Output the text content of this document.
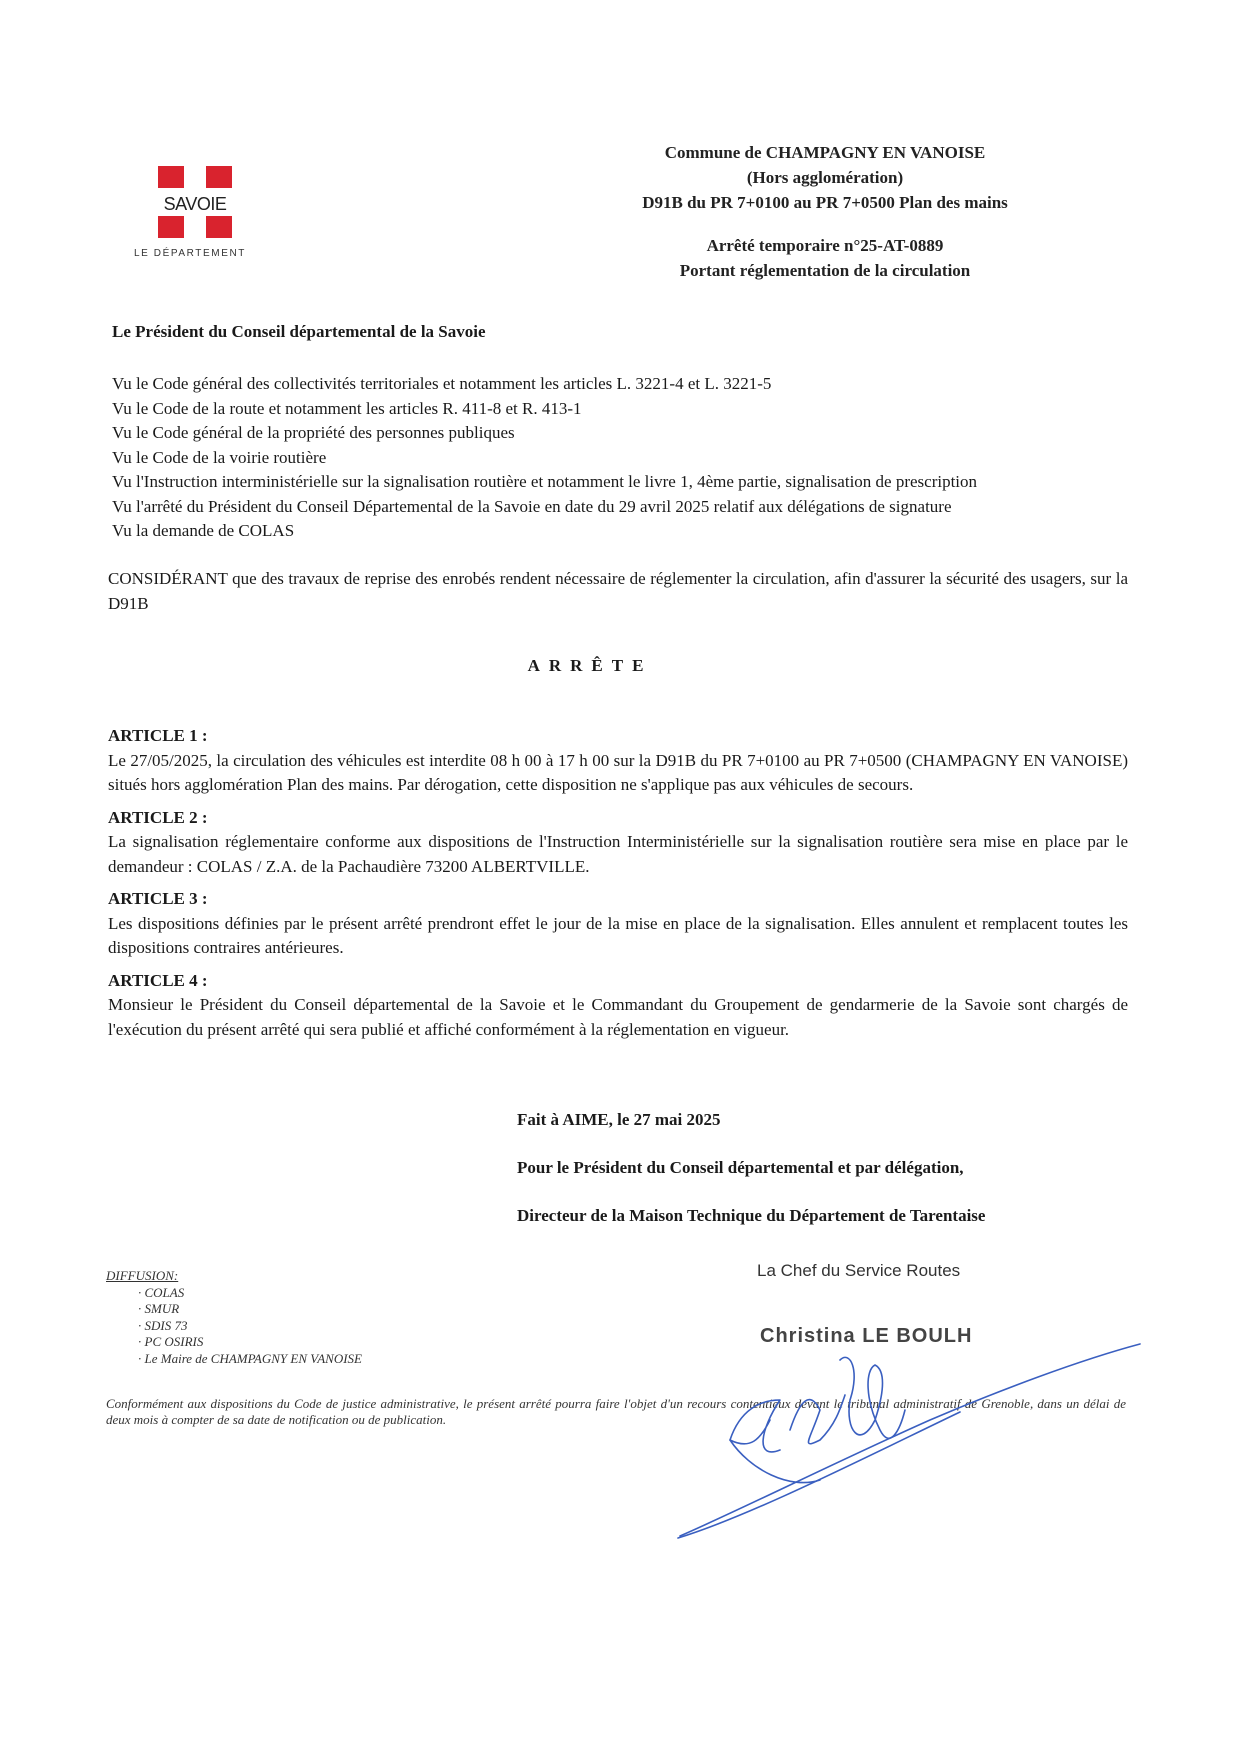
SAVOIE
LE DÉPARTEMENT
Commune de CHAMPAGNY EN VANOISE
(Hors agglomération)
D91B du PR 7+0100 au PR 7+0500 Plan des mains
Arrêté temporaire n°25-AT-0889
Portant réglementation de la circulation
Le Président du Conseil départemental de la Savoie
Vu le Code général des collectivités territoriales et notamment les articles L. 3221-4 et L. 3221-5
Vu le Code de la route et notamment les articles R. 411-8 et R. 413-1
Vu le Code général de la propriété des personnes publiques
Vu le Code de la voirie routière
Vu l'Instruction interministérielle sur la signalisation routière et notamment le livre 1, 4ème partie, signalisation de prescription
Vu l'arrêté du Président du Conseil Départemental de la Savoie en date du 29 avril 2025 relatif aux délégations de signature
Vu la demande de COLAS
CONSIDÉRANT que des travaux de reprise des enrobés rendent nécessaire de réglementer la circulation, afin d'assurer la sécurité des usagers, sur la D91B
ARRÊTE
ARTICLE 1 :

Le 27/05/2025, la circulation des véhicules est interdite 08 h 00 à 17 h 00 sur la D91B du PR 7+0100 au PR 7+0500 (CHAMPAGNY EN VANOISE) situés hors agglomération Plan des mains. Par dérogation, cette disposition ne s'applique pas aux véhicules de secours.

ARTICLE 2 :

La signalisation réglementaire conforme aux dispositions de l'Instruction Interministérielle sur la signalisation routière sera mise en place par le demandeur : COLAS / Z.A. de la Pachaudière 73200 ALBERTVILLE.

ARTICLE 3 :

Les dispositions définies par le présent arrêté prendront effet le jour de la mise en place de la signalisation. Elles annulent et remplacent toutes les dispositions contraires antérieures.

ARTICLE 4 :

Monsieur le Président du Conseil départemental de la Savoie et le Commandant du Groupement de gendarmerie de la Savoie sont chargés de l'exécution du présent arrêté qui sera publié et affiché conformément à la réglementation en vigueur.

Fait à AIME, le 27 mai 2025
Pour le Président du Conseil départemental et par délégation,
Directeur de la Maison Technique du Département de Tarentaise
La Chef du Service Routes
Christina LE BOULH
DIFFUSION:
· COLAS
· SMUR
· SDIS 73
· PC OSIRIS
· Le Maire de CHAMPAGNY EN VANOISE
Conformément aux dispositions du Code de justice administrative, le présent arrêté pourra faire l'objet d'un recours contentieux devant le tribunal administratif de Grenoble, dans un délai de deux mois à compter de sa date de notification ou de publication.
